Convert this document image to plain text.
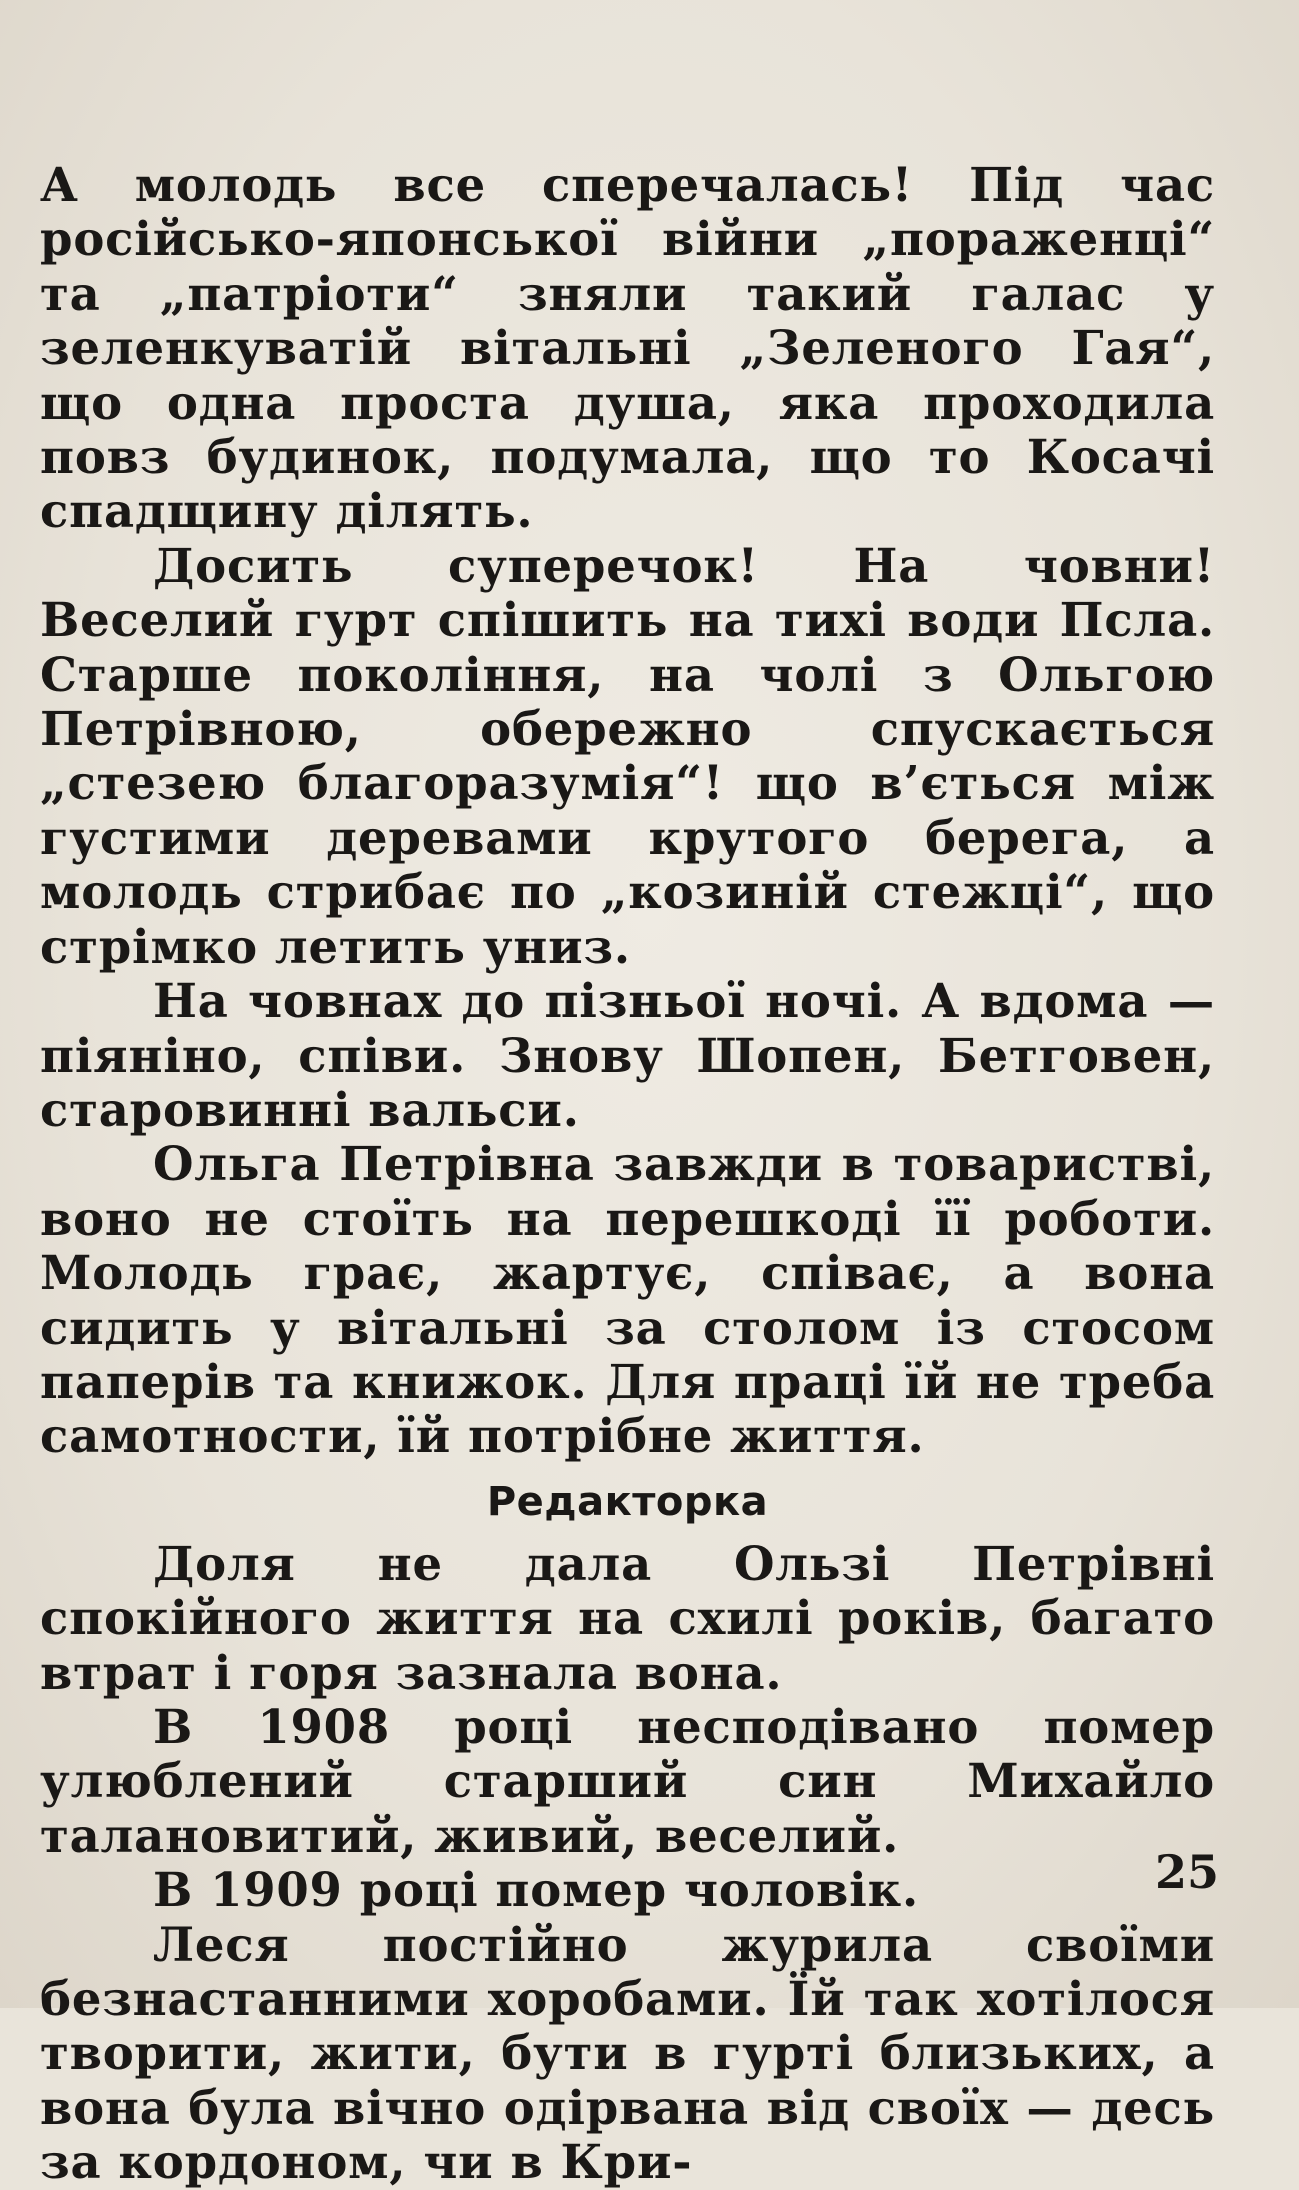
А молодь все сперечалась! Під час російсько-японської війни „пораженці“ та „патріоти“ зняли такий галас у зеленкуватій вітальні „Зеленого Гая“, що одна проста душа, яка проходила повз будинок, подумала, що то Косачі спадщину ділять.

Досить суперечок! На човни! Веселий гурт спішить на тихі води Псла. Старше покоління, на чолі з Ольгою Петрівною, обережно спускається „стезею благоразумія“! що в’ється між густими деревами крутого берега, а молодь стрибає по „козиній стежці“, що стрімко летить униз.

На човнах до пізньої ночі. А вдома — піяніно, співи. Знову Шопен, Бетговен, старовинні вальси.

Ольга Петрівна завжди в товаристві, воно не стоїть на перешкоді її роботи. Молодь грає, жартує, співає, а вона сидить у вітальні за столом із стосом паперів та книжок. Для праці їй не треба самотности, їй потрібне життя.

Редакторка

Доля не дала Ользі Петрівні спокійного життя на схилі років, багато втрат і горя зазнала вона.

В 1908 році несподівано помер улюблений старший син Михайло талановитий, живий, веселий.

В 1909 році помер чоловік.

Леся постійно журила своїми безнастанними хоробами. Їй так хотілося творити, жити, бути в гурті близьких, а вона була вічно одірвана від своїх — десь за кордоном, чи в Кри-

25
